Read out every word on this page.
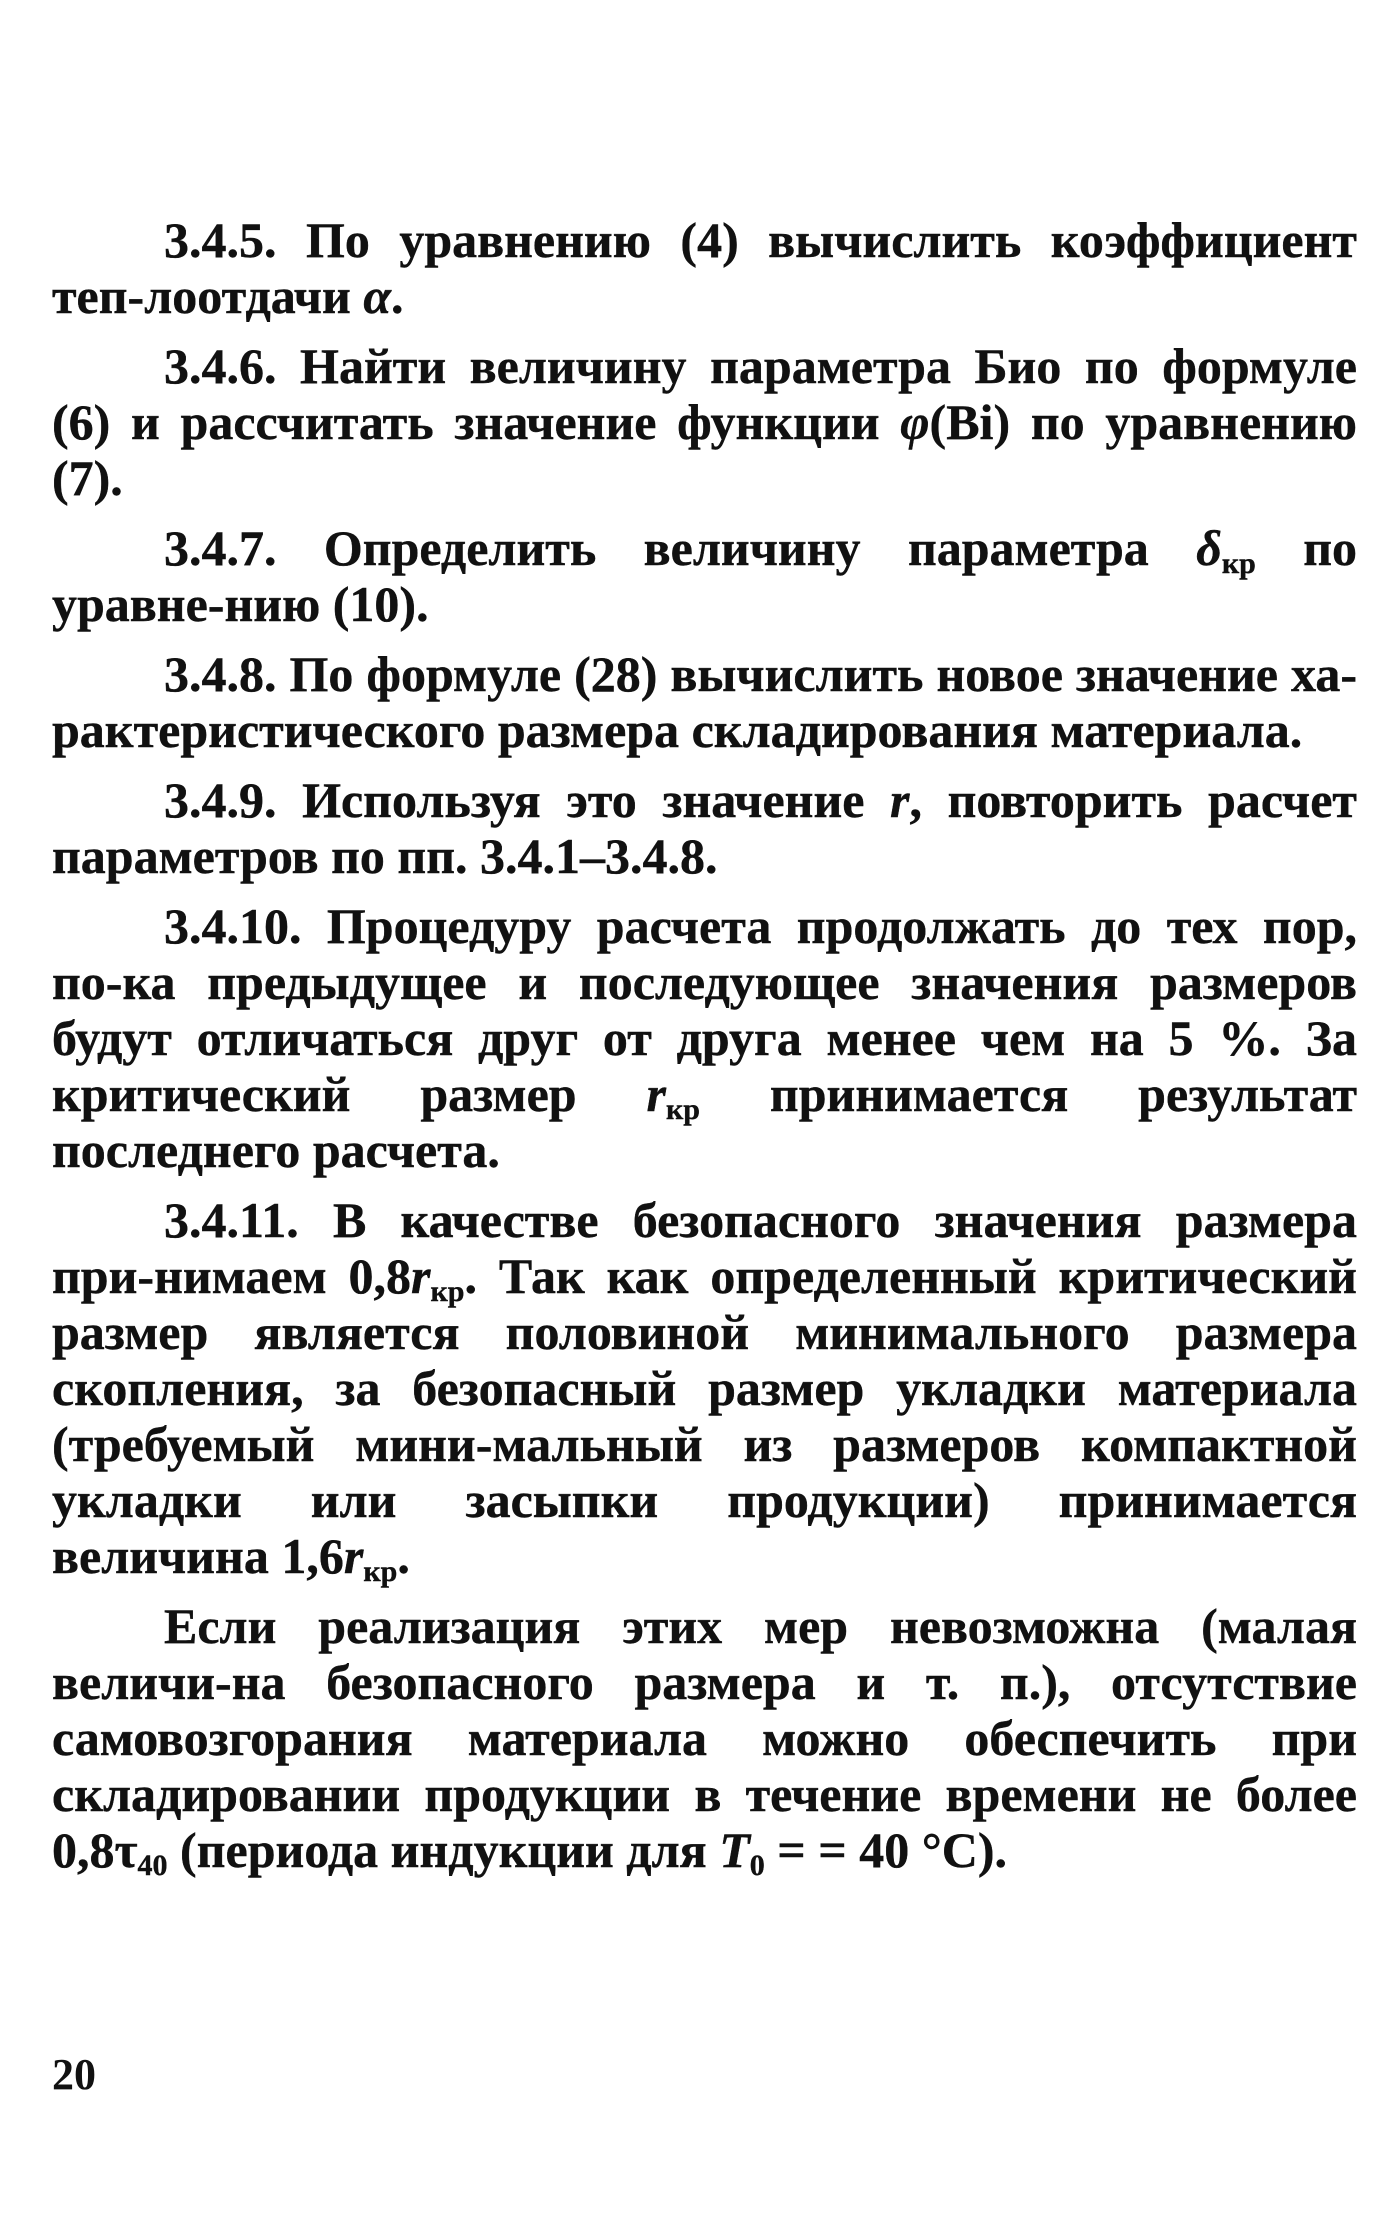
3.4.5. По уравнению (4) вычислить коэффициент теп-лоотдачи α.

3.4.6. Найти величину параметра Био по формуле (6) и рассчитать значение функции φ(Bi) по уравнению (7).

3.4.7. Определить величину параметра $\delta_{кр}$ по уравне-нию (10).

3.4.8. По формуле (28) вычислить новое значение ха-рактеристического размера складирования материала.

3.4.9. Используя это значение r, повторить расчет параметров по пп. 3.4.1–3.4.8.

3.4.10. Процедуру расчета продолжать до тех пор, по-ка предыдущее и последующее значения размеров будут отличаться друг от друга менее чем на 5 %. За критический размер $r_{кр}$ принимается результат последнего расчета.

3.4.11. В качестве безопасного значения размера при-нимаем $0,8r_{кр}$. Так как определенный критический размер является половиной минимального размера скопления, за безопасный размер укладки материала (требуемый мини-мальный из размеров компактной укладки или засыпки продукции) принимается величина $1,6r_{кр}$.

Если реализация этих мер невозможна (малая величи-на безопасного размера и т. п.), отсутствие самовозгорания материала можно обеспечить при складировании продукции в течение времени не более $0,8\tau_{40}$ (периода индукции для $T_0$ = = 40 °С).

20
